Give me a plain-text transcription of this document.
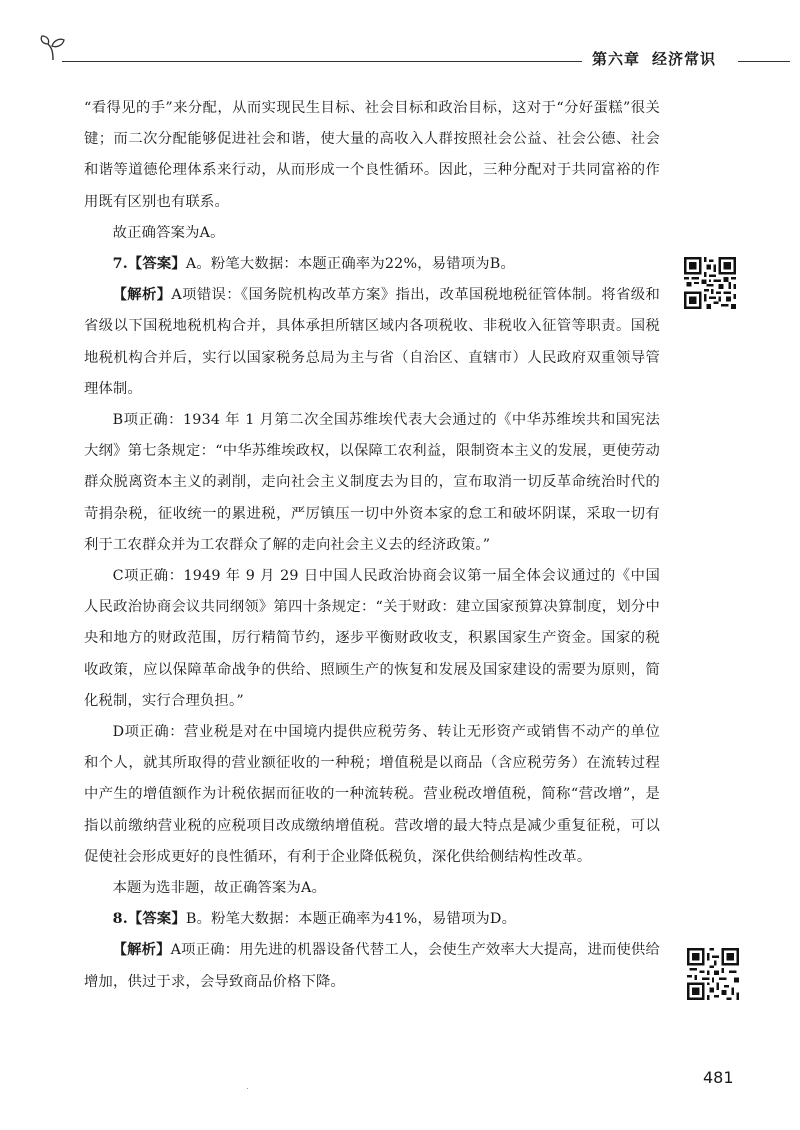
第六章 经济常识

“看得见的手”来分配，从而实现民生目标、社会目标和政治目标，这对于“分好蛋糕”很关键；而二次分配能够促进社会和谐，使大量的高收入人群按照社会公益、社会公德、社会和谐等道德伦理体系来行动，从而形成一个良性循环。因此，三种分配对于共同富裕的作用既有区别也有联系。

故正确答案为A。

7.【答案】A。粉笔大数据：本题正确率为22%，易错项为B。

【解析】A项错误：《国务院机构改革方案》指出，改革国税地税征管体制。将省级和省级以下国税地税机构合并，具体承担所辖区域内各项税收、非税收入征管等职责。国税地税机构合并后，实行以国家税务总局为主与省（自治区、直辖市）人民政府双重领导管理体制。

B项正确：1934 年 1 月第二次全国苏维埃代表大会通过的《中华苏维埃共和国宪法大纲》第七条规定：“中华苏维埃政权，以保障工农利益，限制资本主义的发展，更使劳动群众脱离资本主义的剥削，走向社会主义制度去为目的，宣布取消一切反革命统治时代的苛捐杂税，征收统一的累进税，严厉镇压一切中外资本家的怠工和破坏阴谋，采取一切有利于工农群众并为工农群众了解的走向社会主义去的经济政策。”

C项正确：1949 年 9 月 29 日中国人民政治协商会议第一届全体会议通过的《中国人民政治协商会议共同纲领》第四十条规定：“关于财政：建立国家预算决算制度，划分中央和地方的财政范围，厉行精简节约，逐步平衡财政收支，积累国家生产资金。国家的税收政策，应以保障革命战争的供给、照顾生产的恢复和发展及国家建设的需要为原则，简化税制，实行合理负担。”

D项正确：营业税是对在中国境内提供应税劳务、转让无形资产或销售不动产的单位和个人，就其所取得的营业额征收的一种税；增值税是以商品（含应税劳务）在流转过程中产生的增值额作为计税依据而征收的一种流转税。营业税改增值税，简称“营改增”，是指以前缴纳营业税的应税项目改成缴纳增值税。营改增的最大特点是减少重复征税，可以促使社会形成更好的良性循环，有利于企业降低税负，深化供给侧结构性改革。

本题为选非题，故正确答案为A。

8.【答案】B。粉笔大数据：本题正确率为41%，易错项为D。

【解析】A项正确：用先进的机器设备代替工人，会使生产效率大大提高，进而使供给增加，供过于求，会导致商品价格下降。

481
